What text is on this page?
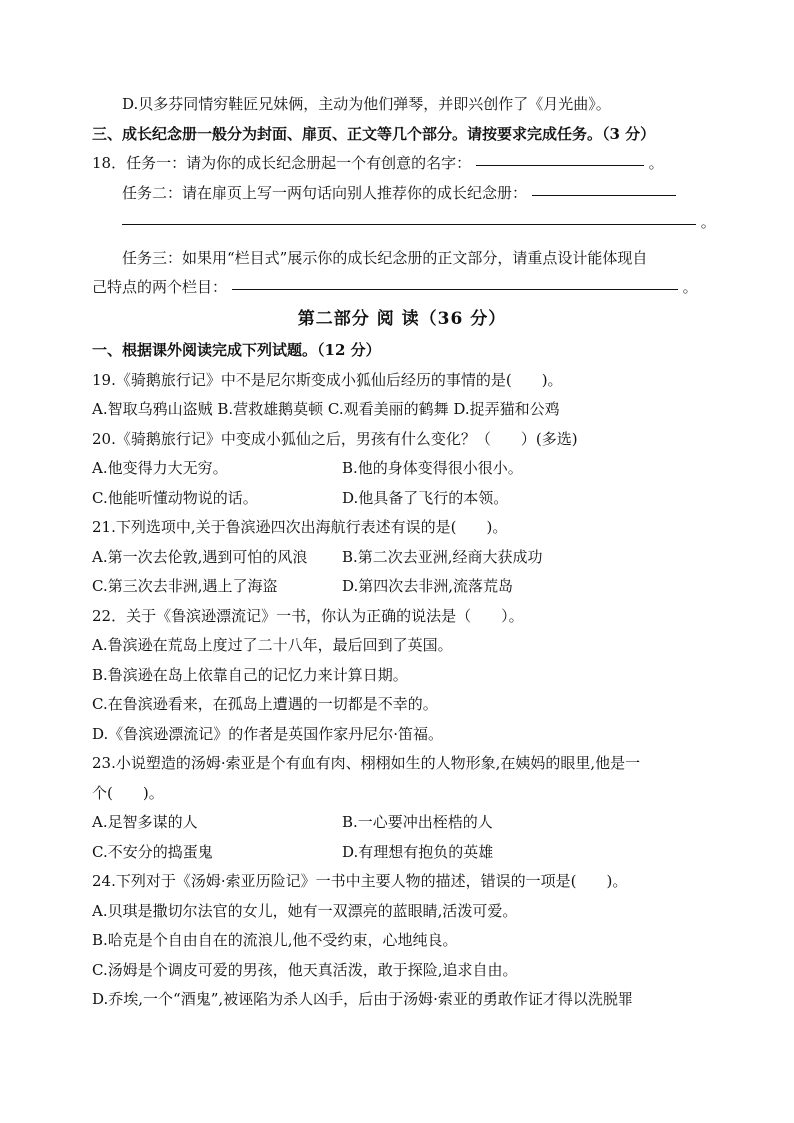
D.贝多芬同情穷鞋匠兄妹俩，主动为他们弹琴，并即兴创作了《月光曲》。
三、成长纪念册一般分为封面、扉页、正文等几个部分。请按要求完成任务。（3 分）
18．任务一：请为你的成长纪念册起一个有创意的名字：	。
任务二：请在扉页上写一两句话向别人推荐你的成长纪念册：
。
任务三：如果用“栏目式”展示你的成长纪念册的正文部分，请重点设计能体现自
己特点的两个栏目：	。
第二部分 阅 读（36 分）
一、根据课外阅读完成下列试题。（12 分）
19.《骑鹅旅行记》中不是尼尔斯变成小狐仙后经历的事情的是(　　)。
A.智取乌鸦山盗贼 B.营救雄鹅莫顿 C.观看美丽的鹤舞 D.捉弄猫和公鸡
20.《骑鹅旅行记》中变成小狐仙之后，男孩有什么变化？（　　）(多选)
A.他变得力大无穷。	B.他的身体变得很小很小。
C.他能听懂动物说的话。	D.他具备了飞行的本领。
21.下列选项中,关于鲁滨逊四次出海航行表述有误的是(　　)。
A.第一次去伦敦,遇到可怕的风浪	B.第二次去亚洲,经商大获成功
C.第三次去非洲,遇上了海盗	D.第四次去非洲,流落荒岛
22．关于《鲁滨逊漂流记》一书，你认为正确的说法是（　　）。
A.鲁滨逊在荒岛上度过了二十八年，最后回到了英国。
B.鲁滨逊在岛上依靠自己的记忆力来计算日期。
C.在鲁滨逊看来，在孤岛上遭遇的一切都是不幸的。
D.《鲁滨逊漂流记》的作者是英国作家丹尼尔·笛福。
23.小说塑造的汤姆·索亚是个有血有肉、栩栩如生的人物形象,在姨妈的眼里,他是一
个(　　)。
A.足智多谋的人	B.一心要冲出桎梏的人
C.不安分的捣蛋鬼	D.有理想有抱负的英雄
24.下列对于《汤姆·索亚历险记》一书中主要人物的描述，错误的一项是(　　)。
A.贝琪是撒切尔法官的女儿，她有一双漂亮的蓝眼睛,活泼可爱。
B.哈克是个自由自在的流浪儿,他不受约束，心地纯良。
C.汤姆是个调皮可爱的男孩，他天真活泼，敢于探险,追求自由。
D.乔埃,一个“酒鬼”,被诬陷为杀人凶手，后由于汤姆·索亚的勇敢作证才得以洗脱罪
